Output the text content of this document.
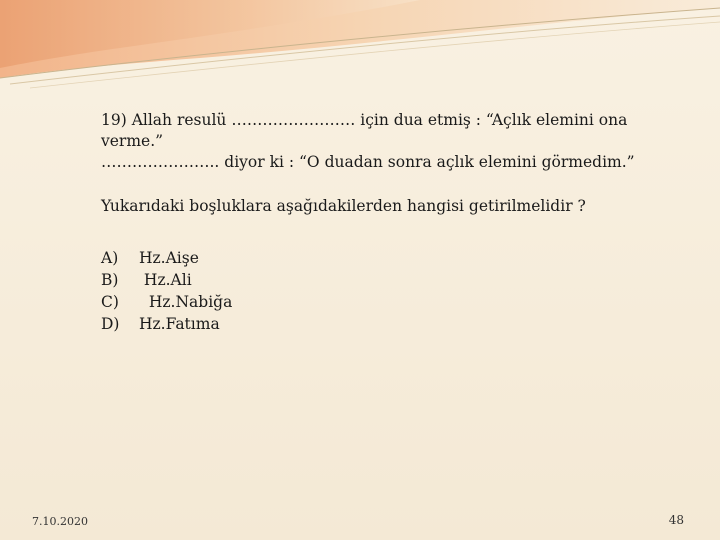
19) Allah resulü …………………… için dua etmiş : “Açlık elemini ona
verme.”
………………….. diyor ki : “O duadan sonra açlık elemini görmedim.”
Yukarıdaki boşluklara aşağıdakilerden hangisi getirilmelidir ?
A)	Hz.Aişe
B)	Hz.Ali
C)	Hz.Nabiğa
D)	Hz.Fatıma
7.10.2020	48
